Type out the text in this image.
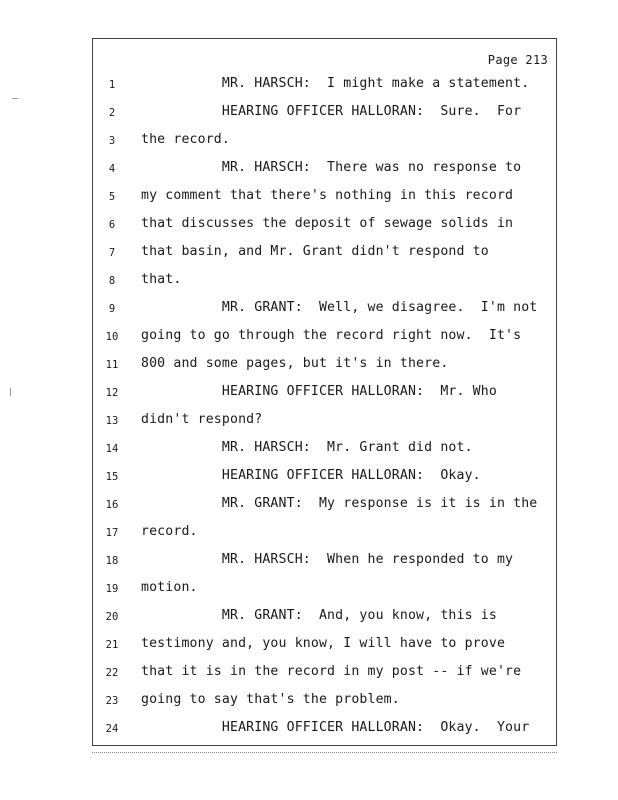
Page 213
1	MR. HARSCH:  I might make a statement.
2	HEARING OFFICER HALLORAN:  Sure.  For
3	the record.
4	MR. HARSCH:  There was no response to
5	my comment that there's nothing in this record
6	that discusses the deposit of sewage solids in
7	that basin, and Mr. Grant didn't respond to
8	that.
9	MR. GRANT:  Well, we disagree.  I'm not
10	going to go through the record right now.  It's
11	800 and some pages, but it's in there.
12	HEARING OFFICER HALLORAN:  Mr. Who
13	didn't respond?
14	MR. HARSCH:  Mr. Grant did not.
15	HEARING OFFICER HALLORAN:  Okay.
16	MR. GRANT:  My response is it is in the
17	record.
18	MR. HARSCH:  When he responded to my
19	motion.
20	MR. GRANT:  And, you know, this is
21	testimony and, you know, I will have to prove
22	that it is in the record in my post -- if we're
23	going to say that's the problem.
24	HEARING OFFICER HALLORAN:  Okay.  Your
